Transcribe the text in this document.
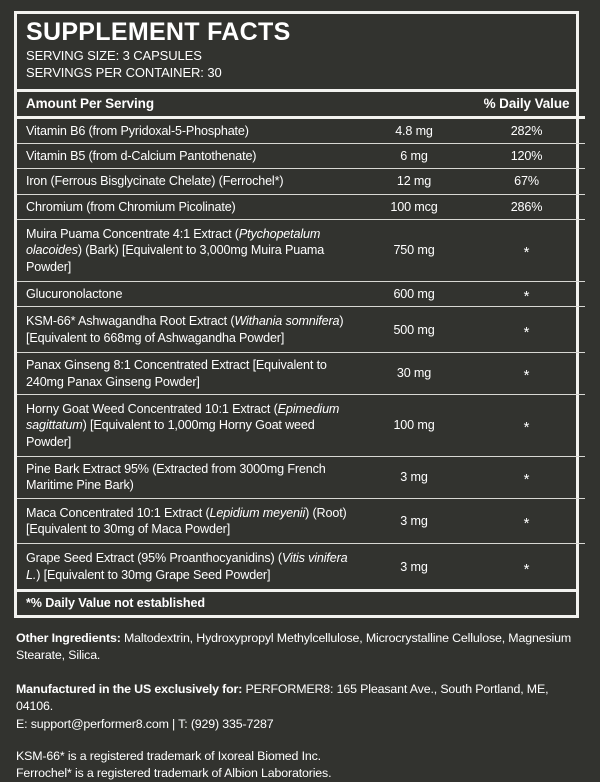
SUPPLEMENT FACTS
SERVING SIZE: 3 CAPSULES
SERVINGS PER CONTAINER: 30
Amount Per Serving		% Daily Value
Vitamin B6 (from Pyridoxal-5-Phosphate)	4.8 mg	282%
Vitamin B5 (from d-Calcium Pantothenate)	6 mg	120%
Iron (Ferrous Bisglycinate Chelate) (Ferrochel*)	12 mg	67%
Chromium (from Chromium Picolinate)	100 mcg	286%
Muira Puama Concentrate 4:1 Extract (Ptychopetalum olacoides) (Bark) [Equivalent to 3,000mg Muira Puama Powder]	750 mg	*
Glucuronolactone	600 mg	*
KSM-66* Ashwagandha Root Extract (Withania somnifera) [Equivalent to 668mg of Ashwagandha Powder]	500 mg	*
Panax Ginseng 8:1 Concentrated Extract [Equivalent to 240mg Panax Ginseng Powder]	30 mg	*
Horny Goat Weed Concentrated 10:1 Extract (Epimedium sagittatum) [Equivalent to 1,000mg Horny Goat weed Powder]	100 mg	*
Pine Bark Extract 95% (Extracted from 3000mg French Maritime Pine Bark)	3 mg	*
Maca Concentrated 10:1 Extract (Lepidium meyenii) (Root) [Equivalent to 30mg of Maca Powder]	3 mg	*
Grape Seed Extract (95% Proanthocyanidins) (Vitis vinifera L.) [Equivalent to 30mg Grape Seed Powder]	3 mg	*
*% Daily Value not established

Other Ingredients: Maltodextrin, Hydroxypropyl Methylcellulose, Microcrystalline Cellulose, Magnesium Stearate, Silica.

Manufactured in the US exclusively for: PERFORMER8: 165 Pleasant Ave., South Portland, ME, 04106.

E: support@performer8.com | T: (929) 335-7287

KSM-66* is a registered trademark of Ixoreal Biomed Inc.

Ferrochel* is a registered trademark of Albion Laboratories.
